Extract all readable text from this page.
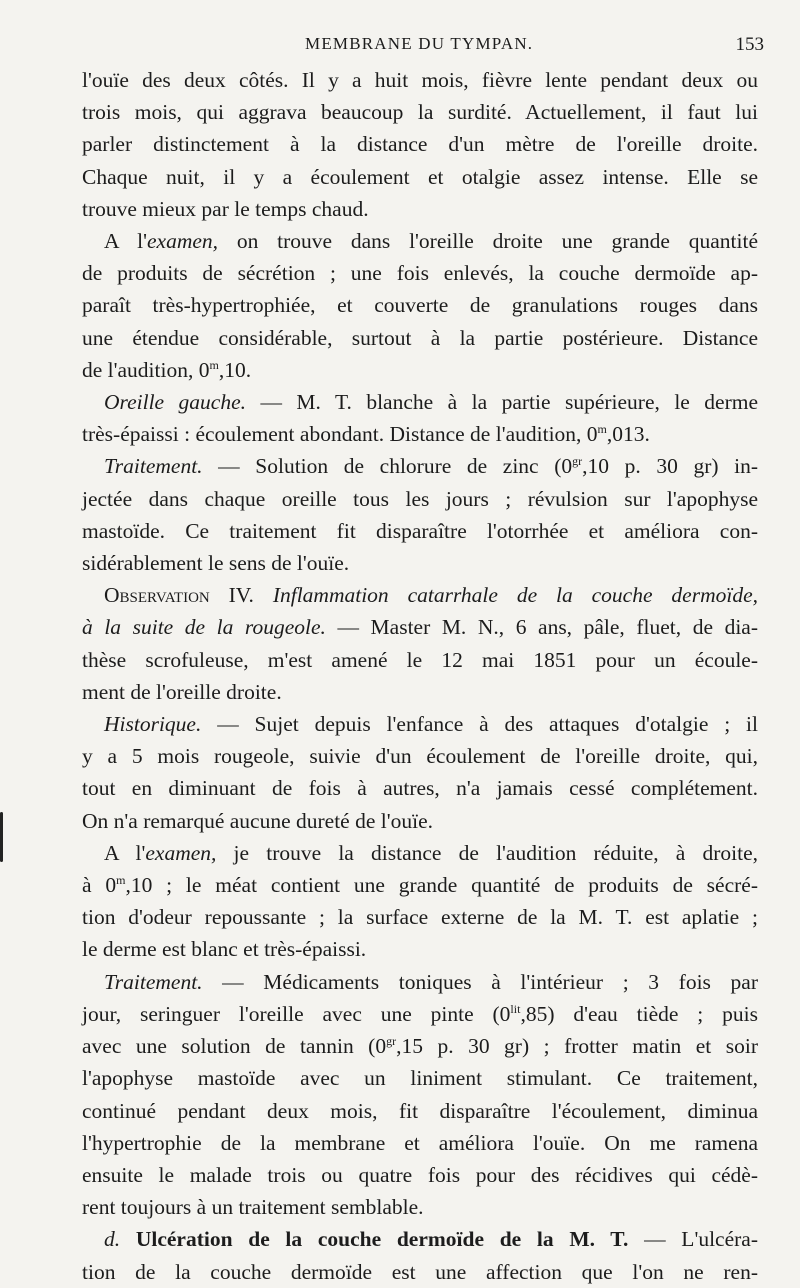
MEMBRANE DU TYMPAN.	153
l'ouïe des deux côtés. Il y a huit mois, fièvre lente pendant deux ou
trois mois, qui aggrava beaucoup la surdité. Actuellement, il faut lui
parler distinctement à la distance d'un mètre de l'oreille droite.
Chaque nuit, il y a écoulement et otalgie assez intense. Elle se
trouve mieux par le temps chaud.
A l'examen, on trouve dans l'oreille droite une grande quantité
de produits de sécrétion ; une fois enlevés, la couche dermoïde ap-
paraît très-hypertrophiée, et couverte de granulations rouges dans
une étendue considérable, surtout à la partie postérieure. Distance
de l'audition, 0$^m$,10.
Oreille gauche. — M. T. blanche à la partie supérieure, le derme
très-épaissi : écoulement abondant. Distance de l'audition, 0$^m$,013.
Traitement. — Solution de chlorure de zinc ($0^{gr},10$ p. 30 gr) in-
jectée dans chaque oreille tous les jours ; révulsion sur l'apophyse
mastoïde. Ce traitement fit disparaître l'otorrhée et améliora con-
sidérablement le sens de l'ouïe.
Observation IV. Inflammation catarrhale de la couche dermoïde,
à la suite de la rougeole. — Master M. N., 6 ans, pâle, fluet, de dia-
thèse scrofuleuse, m'est amené le 12 mai 1851 pour un écoule-
ment de l'oreille droite.
Historique. — Sujet depuis l'enfance à des attaques d'otalgie ; il
y a 5 mois rougeole, suivie d'un écoulement de l'oreille droite, qui,
tout en diminuant de fois à autres, n'a jamais cessé complétement.
On n'a remarqué aucune dureté de l'ouïe.
A l'examen, je trouve la distance de l'audition réduite, à droite,
à 0$^m$,10 ; le méat contient une grande quantité de produits de sécré-
tion d'odeur repoussante ; la surface externe de la M. T. est aplatie ;
le derme est blanc et très-épaissi.
Traitement. — Médicaments toniques à l'intérieur ; 3 fois par
jour, seringuer l'oreille avec une pinte $(0^{lit},85)$ d'eau tiède ; puis
avec une solution de tannin ($0^{gr},15$ p. 30 gr) ; frotter matin et soir
l'apophyse mastoïde avec un liniment stimulant. Ce traitement,
continué pendant deux mois, fit disparaître l'écoulement, diminua
l'hypertrophie de la membrane et améliora l'ouïe. On me ramena
ensuite le malade trois ou quatre fois pour des récidives qui cédè-
rent toujours à un traitement semblable.
d. Ulcération de la couche dermoïde de la M. T. — L'ulcéra-
tion de la couche dermoïde est une affection que l'on ne ren-
